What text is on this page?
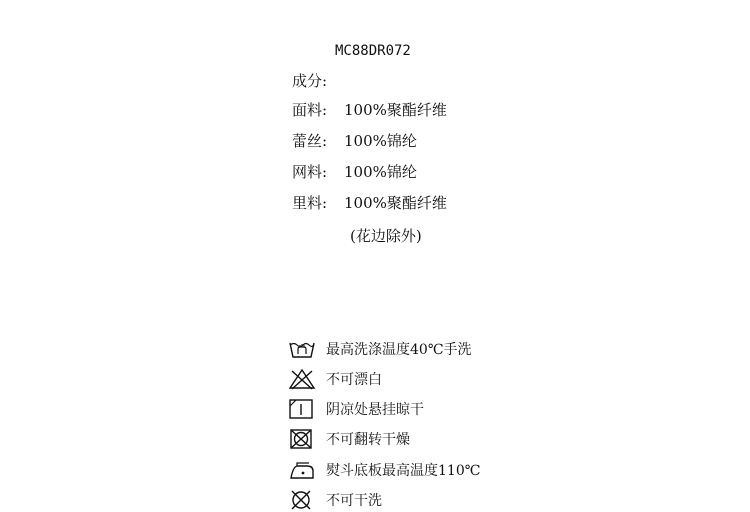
MC88DR072
成分:
面料: 100%聚酯纤维
蕾丝: 100%锦纶
网料: 100%锦纶
里料: 100%聚酯纤维
(花边除外)
最高洗涤温度40℃手洗
不可漂白
阴凉处悬挂晾干
不可翻转干燥
熨斗底板最高温度110℃
不可干洗
